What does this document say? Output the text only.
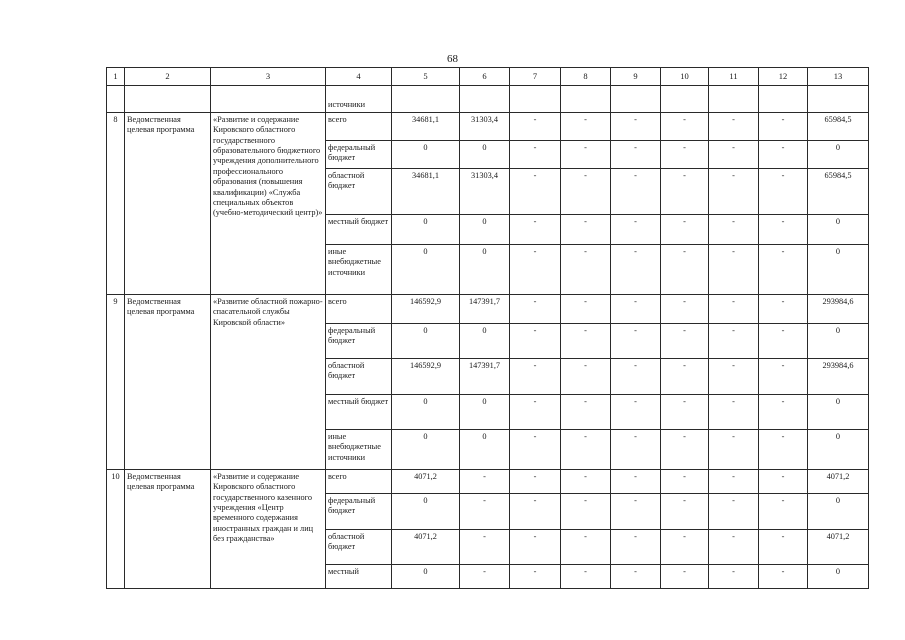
68
1	2	3	4	5	6	7	8	9	10	11	12	13
			источники									
8	Ведомственная целевая программа	«Развитие и содержание Кировского областного государственного образовательного бюджетного учреждения дополнительного профессионального образования (повышения квалификации) «Служба специальных объектов (учебно-методический центр)»	всего	34681,1	31303,4	-	-	-	-	-	-	65984,5
			федеральный бюджет	0	0	-	-	-	-	-	-	0
			областной бюджет	34681,1	31303,4	-	-	-	-	-	-	65984,5
			местный бюджет	0	0	-	-	-	-	-	-	0
			иные внебюджетные источники	0	0	-	-	-	-	-	-	0
9	Ведомственная целевая программа	«Развитие областной пожарно-спасательной службы Кировской области»	всего	146592,9	147391,7	-	-	-	-	-	-	293984,6
			федеральный бюджет	0	0	-	-	-	-	-	-	0
			областной бюджет	146592,9	147391,7	-	-	-	-	-	-	293984,6
			местный бюджет	0	0	-	-	-	-	-	-	0
			иные внебюджетные источники	0	0	-	-	-	-	-	-	0
10	Ведомственная целевая программа	«Развитие и содержание Кировского областного государственного казенного учреждения «Центр временного содержания иностранных граждан и лиц без гражданства»	всего	4071,2	-	-	-	-	-	-	-	4071,2
			федеральный бюджет	0	-	-	-	-	-	-	-	0
			областной бюджет	4071,2	-	-	-	-	-	-	-	4071,2
			местный	0	-	-	-	-	-	-	-	0
